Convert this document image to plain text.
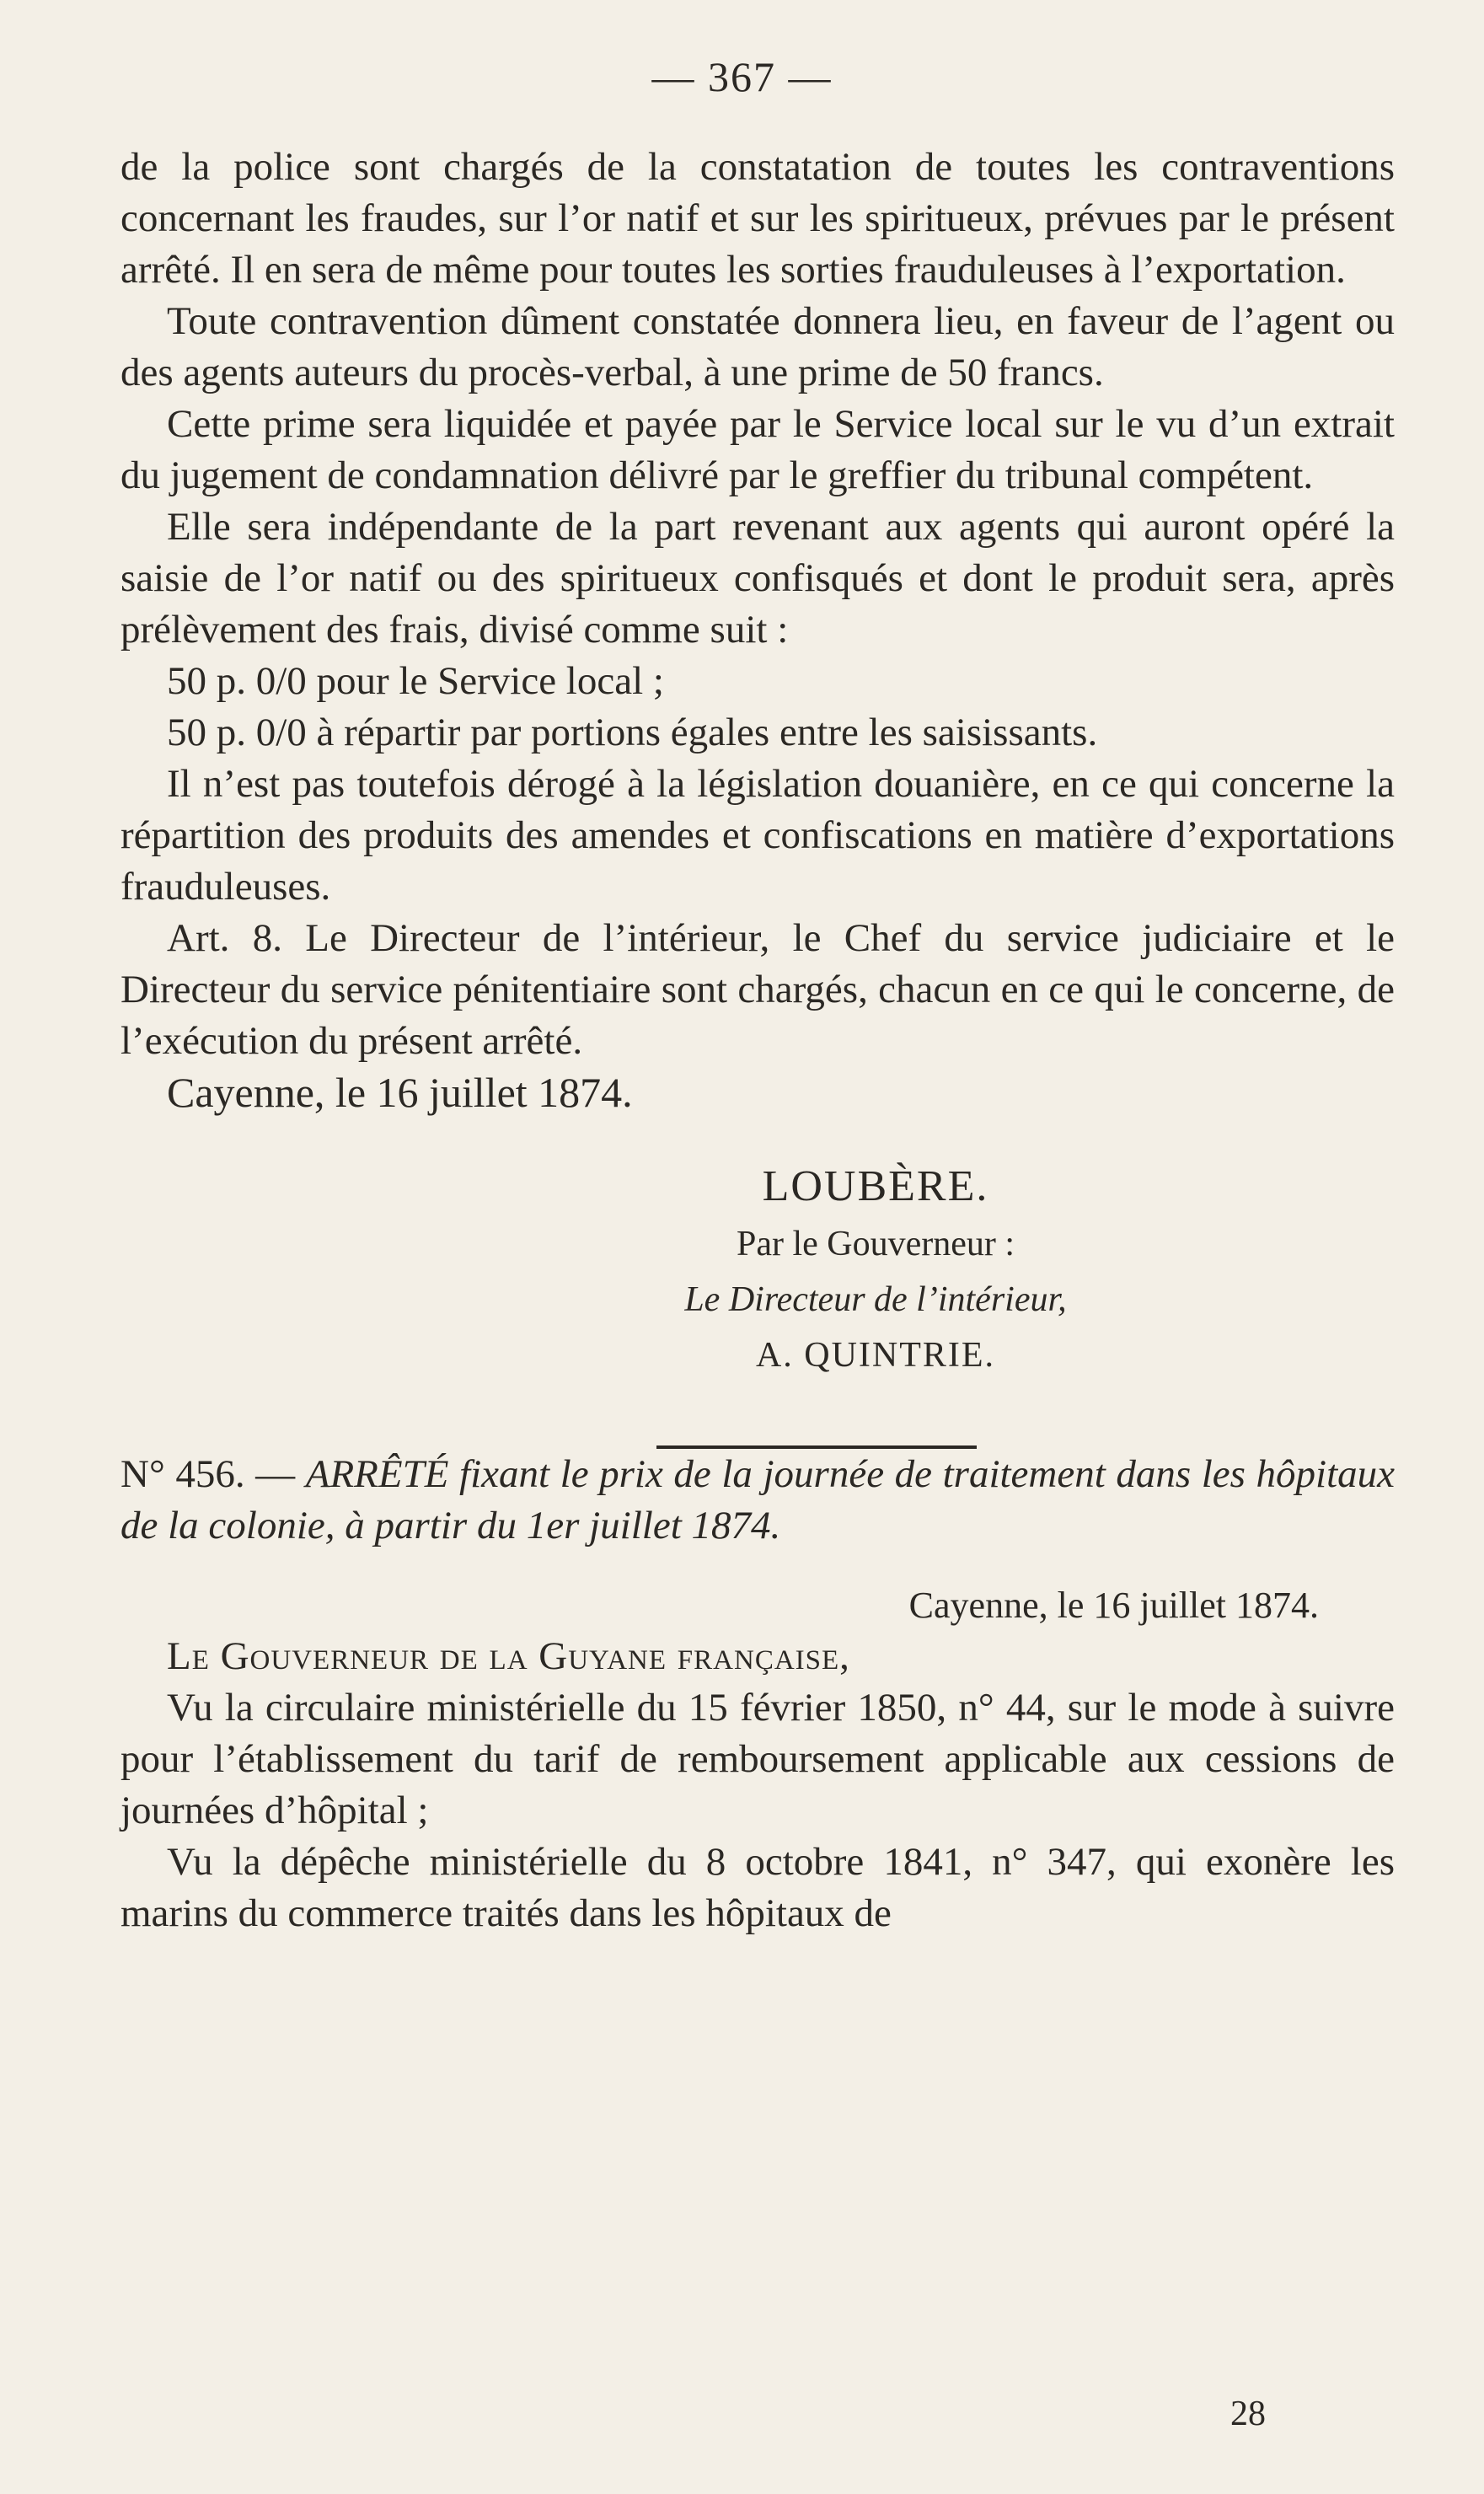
— 367 —

de la police sont chargés de la constatation de toutes les contraventions concernant les fraudes, sur l’or natif et sur les spiritueux, prévues par le présent arrêté. Il en sera de même pour toutes les sorties frauduleuses à l’exportation.

Toute contravention dûment constatée donnera lieu, en faveur de l’agent ou des agents auteurs du procès-verbal, à une prime de 50 francs.

Cette prime sera liquidée et payée par le Service local sur le vu d’un extrait du jugement de condamnation délivré par le greffier du tribunal compétent.

Elle sera indépendante de la part revenant aux agents qui auront opéré la saisie de l’or natif ou des spiritueux confisqués et dont le produit sera, après prélèvement des frais, divisé comme suit :

50 p. 0/0 pour le Service local ;

50 p. 0/0 à répartir par portions égales entre les saisissants.

Il n’est pas toutefois dérogé à la législation douanière, en ce qui concerne la répartition des produits des amendes et confiscations en matière d’exportations frauduleuses.

Art. 8. Le Directeur de l’intérieur, le Chef du service judiciaire et le Directeur du service pénitentiaire sont chargés, chacun en ce qui le concerne, de l’exécution du présent arrêté.

Cayenne, le 16 juillet 1874.

LOUBÈRE.
Par le Gouverneur :
Le Directeur de l’intérieur,
A. QUINTRIE.

N° 456. — ARRÊTÉ fixant le prix de la journée de traitement dans les hôpitaux de la colonie, à partir du 1er juillet 1874.

Cayenne, le 16 juillet 1874.

Le Gouverneur de la Guyane française,

Vu la circulaire ministérielle du 15 février 1850, n° 44, sur le mode à suivre pour l’établissement du tarif de remboursement applicable aux cessions de journées d’hôpital ;

Vu la dépêche ministérielle du 8 octobre 1841, n° 347, qui exonère les marins du commerce traités dans les hôpitaux de

28
